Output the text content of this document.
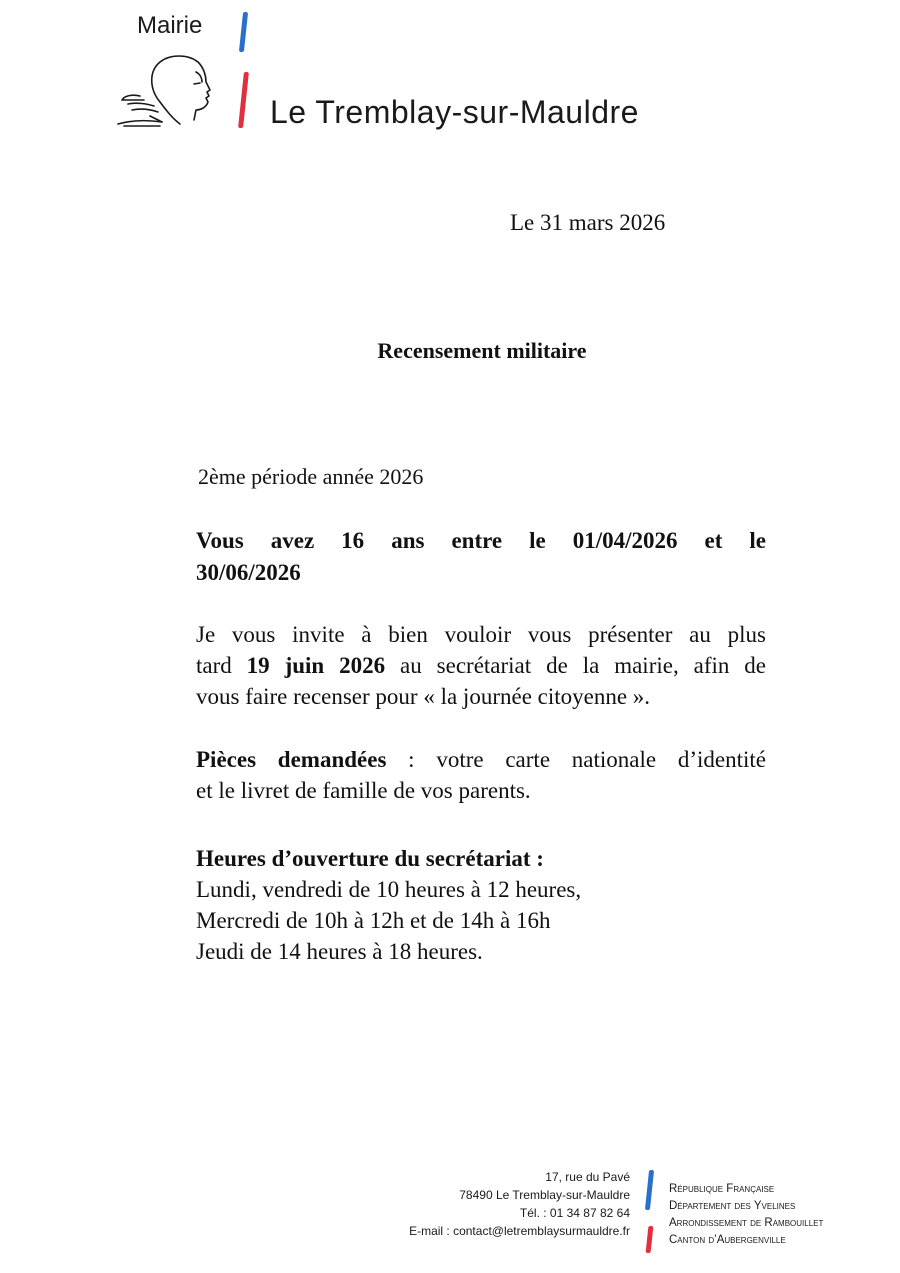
Mairie
Le Tremblay-sur-Mauldre
Le 31 mars 2026
Recensement militaire
2ème période année 2026
Vous avez 16 ans entre le 01/04/2026 et le
30/06/2026
Je vous invite à bien vouloir vous présenter au plus
tard 19 juin 2026 au secrétariat de la mairie, afin de
vous faire recenser pour « la journée citoyenne ».
Pièces demandées : votre carte nationale d’identité
et le livret de famille de vos parents.
Heures d’ouverture du secrétariat :
Lundi, vendredi de 10 heures à 12 heures,
Mercredi de 10h à 12h et de 14h à 16h
Jeudi de 14 heures à 18 heures.
17, rue du Pavé
78490 Le Tremblay-sur-Mauldre
Tél. : 01 34 87 82 64
E-mail : contact@letremblaysurmauldre.fr
République Française
Département des Yvelines
Arrondissement de Rambouillet
Canton d’Aubergenville
